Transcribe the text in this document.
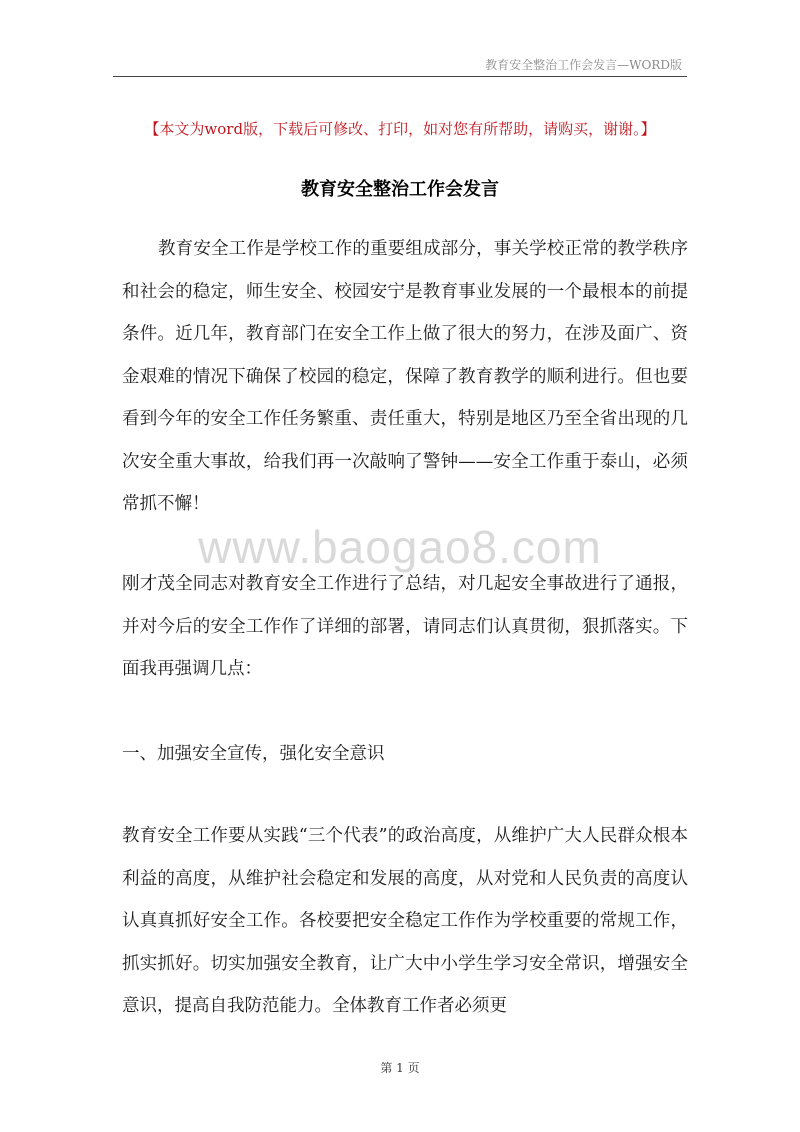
教育安全整治工作会发言—WORD版
【本文为word版，下载后可修改、打印，如对您有所帮助，请购买，谢谢。】
教育安全整治工作会发言

教育安全工作是学校工作的重要组成部分，事关学校正常的教学秩序和社会的稳定，师生安全、校园安宁是教育事业发展的一个最根本的前提条件。近几年，教育部门在安全工作上做了很大的努力，在涉及面广、资金艰难的情况下确保了校园的稳定，保障了教育教学的顺利进行。但也要看到今年的安全工作任务繁重、责任重大，特别是地区乃至全省出现的几次安全重大事故，给我们再一次敲响了警钟——安全工作重于泰山，必须常抓不懈！

www.baogao8.com

刚才茂全同志对教育安全工作进行了总结，对几起安全事故进行了通报，并对今后的安全工作作了详细的部署，请同志们认真贯彻，狠抓落实。下面我再强调几点：

一、加强安全宣传，强化安全意识

教育安全工作要从实践“三个代表”的政治高度，从维护广大人民群众根本利益的高度，从维护社会稳定和发展的高度，从对党和人民负责的高度认认真真抓好安全工作。各校要把安全稳定工作作为学校重要的常规工作，抓实抓好。切实加强安全教育，让广大中小学生学习安全常识，增强安全意识，提高自我防范能力。全体教育工作者必须更

第 1 页
